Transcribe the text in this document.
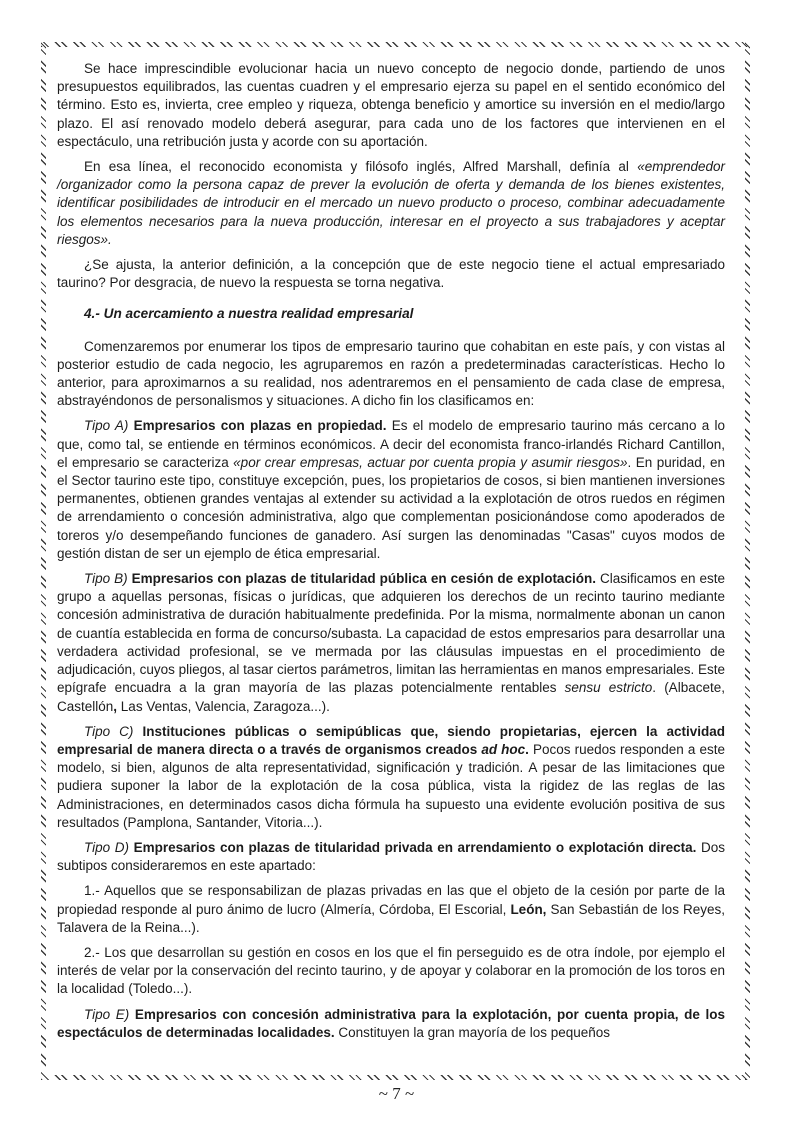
Se hace imprescindible evolucionar hacia un nuevo concepto de negocio donde, partiendo de unos presupuestos equilibrados, las cuentas cuadren y el empresario ejerza su papel en el sentido económico del término. Esto es, invierta, cree empleo y riqueza, obtenga beneficio y amortice su inversión en el medio/largo plazo. El así renovado modelo deberá asegurar, para cada uno de los factores que intervienen en el espectáculo, una retribución justa y acorde con su aportación.

En esa línea, el reconocido economista y filósofo inglés, Alfred Marshall, definía al «emprendedor /organizador como la persona capaz de prever la evolución de oferta y demanda de los bienes existentes, identificar posibilidades de introducir en el mercado un nuevo producto o proceso, combinar adecuadamente los elementos necesarios para la nueva producción, interesar en el proyecto a sus trabajadores y aceptar riesgos».

¿Se ajusta, la anterior definición, a la concepción que de este negocio tiene el actual empresariado taurino? Por desgracia, de nuevo la respuesta se torna negativa.

4.- Un acercamiento a nuestra realidad empresarial

Comenzaremos por enumerar los tipos de empresario taurino que cohabitan en este país, y con vistas al posterior estudio de cada negocio, les agruparemos en razón a predeterminadas características. Hecho lo anterior, para aproximarnos a su realidad, nos adentraremos en el pensamiento de cada clase de empresa, abstrayéndonos de personalismos y situaciones. A dicho fin los clasificamos en:

Tipo A) Empresarios con plazas en propiedad. Es el modelo de empresario taurino más cercano a lo que, como tal, se entiende en términos económicos. A decir del economista franco-irlandés Richard Cantillon, el empresario se caracteriza «por crear empresas, actuar por cuenta propia y asumir riesgos». En puridad, en el Sector taurino este tipo, constituye excepción, pues, los propietarios de cosos, si bien mantienen inversiones permanentes, obtienen grandes ventajas al extender su actividad a la explotación de otros ruedos en régimen de arrendamiento o concesión administrativa, algo que complementan posicionándose como apoderados de toreros y/o desempeñando funciones de ganadero. Así surgen las denominadas "Casas" cuyos modos de gestión distan de ser un ejemplo de ética empresarial.

Tipo B) Empresarios con plazas de titularidad pública en cesión de explotación. Clasificamos en este grupo a aquellas personas, físicas o jurídicas, que adquieren los derechos de un recinto taurino mediante concesión administrativa de duración habitualmente predefinida. Por la misma, normalmente abonan un canon de cuantía establecida en forma de concurso/subasta. La capacidad de estos empresarios para desarrollar una verdadera actividad profesional, se ve mermada por las cláusulas impuestas en el procedimiento de adjudicación, cuyos pliegos, al tasar ciertos parámetros, limitan las herramientas en manos empresariales. Este epígrafe encuadra a la gran mayoría de las plazas potencialmente rentables sensu estricto. (Albacete, Castellón, Las Ventas, Valencia, Zaragoza...).

Tipo C) Instituciones públicas o semipúblicas que, siendo propietarias, ejercen la actividad empresarial de manera directa o a través de organismos creados ad hoc. Pocos ruedos responden a este modelo, si bien, algunos de alta representatividad, significación y tradición. A pesar de las limitaciones que pudiera suponer la labor de la explotación de la cosa pública, vista la rigidez de las reglas de las Administraciones, en determinados casos dicha fórmula ha supuesto una evidente evolución positiva de sus resultados (Pamplona, Santander, Vitoria...).

Tipo D) Empresarios con plazas de titularidad privada en arrendamiento o explotación directa. Dos subtipos consideraremos en este apartado:

1.- Aquellos que se responsabilizan de plazas privadas en las que el objeto de la cesión por parte de la propiedad responde al puro ánimo de lucro (Almería, Córdoba, El Escorial, León, San Sebastián de los Reyes, Talavera de la Reina...).

2.- Los que desarrollan su gestión en cosos en los que el fin perseguido es de otra índole, por ejemplo el interés de velar por la conservación del recinto taurino, y de apoyar y colaborar en la promoción de los toros en la localidad (Toledo...).

Tipo E) Empresarios con concesión administrativa para la explotación, por cuenta propia, de los espectáculos de determinadas localidades. Constituyen la gran mayoría de los pequeños

~ 7 ~
